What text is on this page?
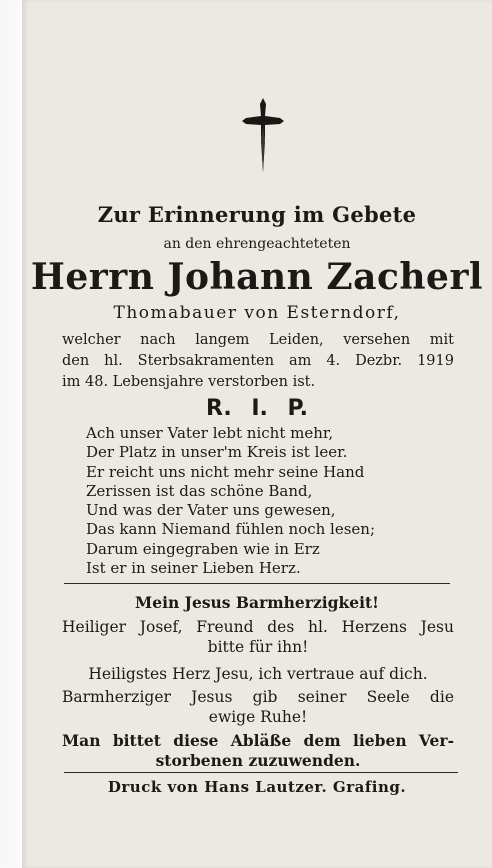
Zur Erinnerung im Gebete
an den ehrengeachteteten
Herrn Johann Zacherl
Thomabauer von Esterndorf,
welcher nach langem Leiden, versehen mit
den hl. Sterbsakramenten am 4. Dezbr. 1919
im 48. Lebensjahre verstorben ist.
R. I. P.
Ach unser Vater lebt nicht mehr,
Der Platz in unser'm Kreis ist leer.
Er reicht uns nicht mehr seine Hand
Zerissen ist das schöne Band,
Und was der Vater uns gewesen,
Das kann Niemand fühlen noch lesen;
Darum eingegraben wie in Erz
Ist er in seiner Lieben Herz.
Mein Jesus Barmherzigkeit!
Heiliger Josef, Freund des hl. Herzens Jesu
bitte für ihn!
Heiligstes Herz Jesu, ich vertraue auf dich.
Barmherziger Jesus gib seiner Seele die
ewige Ruhe!
Man bittet diese Abläße dem lieben Ver-
storbenen zuzuwenden.
Druck von Hans Lautzer. Grafing.
